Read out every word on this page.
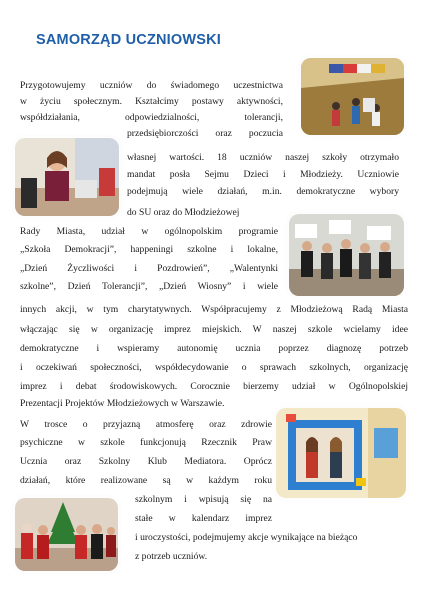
SAMORZĄD UCZNIOWSKI
Przygotowujemy uczniów do świadomego uczestnictwa
w życiu społecznym. Kształcimy postawy aktywności,
współdziałania, odpowiedzialności, tolerancji,
przedsiębiorczości oraz poczucia
własnej wartości. 18 uczniów naszej szkoły otrzymało
mandat posła Sejmu Dzieci i Młodzieży. Uczniowie
podejmują wiele działań, m.in. demokratyczne wybory
do SU oraz do Młodzieżowej
Rady Miasta, udział w ogólnopolskim programie
„Szkoła Demokracji”, happeningi szkolne i lokalne,
„Dzień Życzliwości i Pozdrowień”, „Walentynki
szkolne”, Dzień Tolerancji”, „Dzień Wiosny” i wiele
innych akcji, w tym charytatywnych. Współpracujemy z Młodzieżową Radą Miasta
włączając się w organizację imprez miejskich. W naszej szkole wcielamy idee
demokratyczne i wspieramy autonomię ucznia poprzez diagnozę potrzeb
i oczekiwań społeczności, współdecydowanie o sprawach szkolnych, organizację
imprez i debat środowiskowych. Corocznie bierzemy udział w Ogólnopolskiej
Prezentacji Projektów Młodzieżowych w Warszawie.
W trosce o przyjazną atmosferę oraz zdrowie
psychiczne w szkole funkcjonują Rzecznik Praw
Ucznia oraz Szkolny Klub Mediatora. Oprócz
działań, które realizowane są w każdym roku
szkolnym i wpisują się na
stałe w kalendarz imprez
i uroczystości, podejmujemy akcje wynikające na bieżąco
z potrzeb uczniów.
